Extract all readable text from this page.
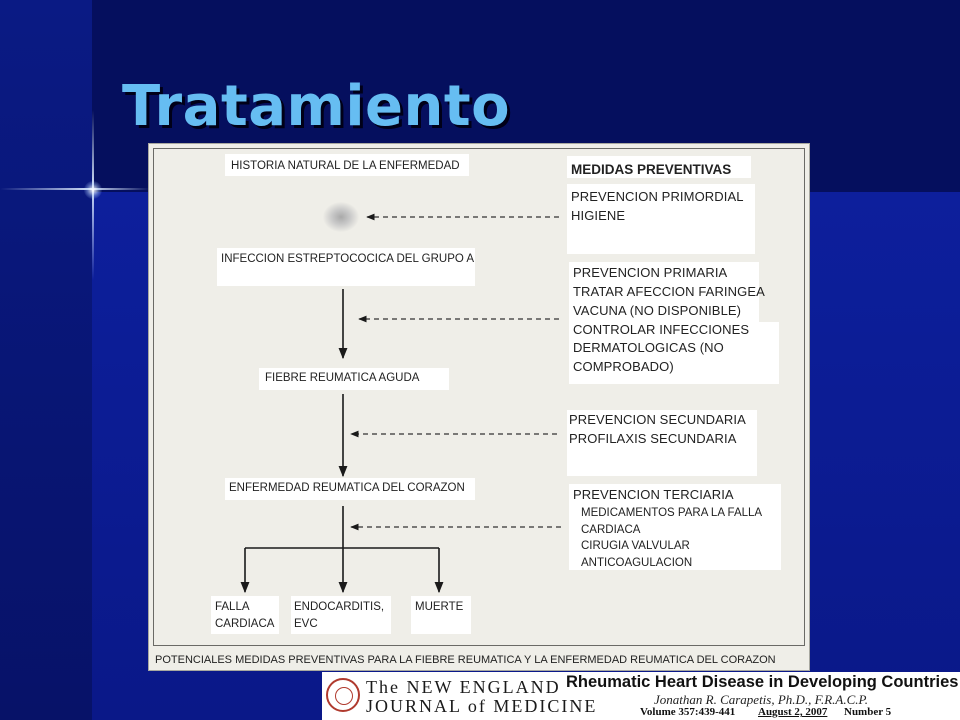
Tratamiento
HISTORIA NATURAL DE LA ENFERMEDAD
INFECCION ESTREPTOCOCICA DEL GRUPO A
FIEBRE REUMATICA AGUDA
ENFERMEDAD REUMATICA DEL CORAZON
FALLA
CARDIACA
ENDOCARDITIS,
EVC
MUERTE
MEDIDAS PREVENTIVAS
PREVENCION PRIMORDIAL
HIGIENE
PREVENCION PRIMARIA
TRATAR AFECCION FARINGEA
VACUNA (NO DISPONIBLE)
CONTROLAR INFECCIONES
DERMATOLOGICAS (NO
COMPROBADO)
PREVENCION SECUNDARIA
PROFILAXIS SECUNDARIA
PREVENCION TERCIARIA
MEDICAMENTOS PARA LA FALLA
CARDIACA
CIRUGIA VALVULAR
ANTICOAGULACION
POTENCIALES MEDIDAS PREVENTIVAS PARA LA FIEBRE REUMATICA Y LA ENFERMEDAD REUMATICA DEL CORAZON
The NEW ENGLAND
JOURNAL of MEDICINE
Rheumatic Heart Disease in Developing Countries
Jonathan R. Carapetis, Ph.D., F.R.A.C.P.
Volume 357:439-441 August 2, 2007 Number 5
